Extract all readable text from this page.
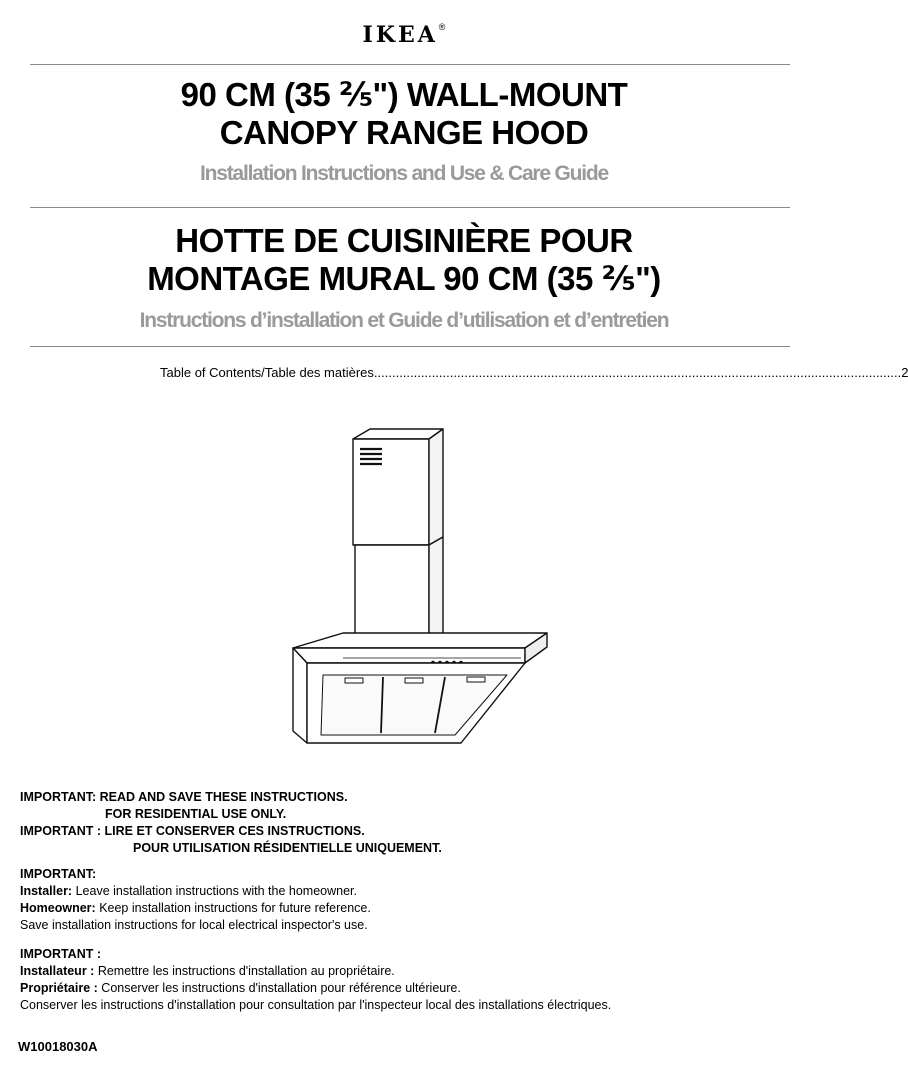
IKEA®
90 CM (35 ⅖") WALL-MOUNT
CANOPY RANGE HOOD
Installation Instructions and Use & Care Guide
HOTTE DE CUISINIÈRE POUR
MONTAGE MURAL 90 CM (35 ⅖")
Instructions d’installation et Guide d’utilisation et d’entretien
Table of Contents/Table des matières .................................................................................................................................................. 2
IMPORTANT: READ AND SAVE THESE INSTRUCTIONS.
FOR RESIDENTIAL USE ONLY.
IMPORTANT : LIRE ET CONSERVER CES INSTRUCTIONS.
POUR UTILISATION RÉSIDENTIELLE UNIQUEMENT.
IMPORTANT:
Installer: Leave installation instructions with the homeowner.
Homeowner: Keep installation instructions for future reference.
Save installation instructions for local electrical inspector's use.
IMPORTANT :
Installateur : Remettre les instructions d'installation au propriétaire.
Propriétaire : Conserver les instructions d'installation pour référence ultérieure.
Conserver les instructions d'installation pour consultation par l'inspecteur local des installations électriques.
W10018030A
